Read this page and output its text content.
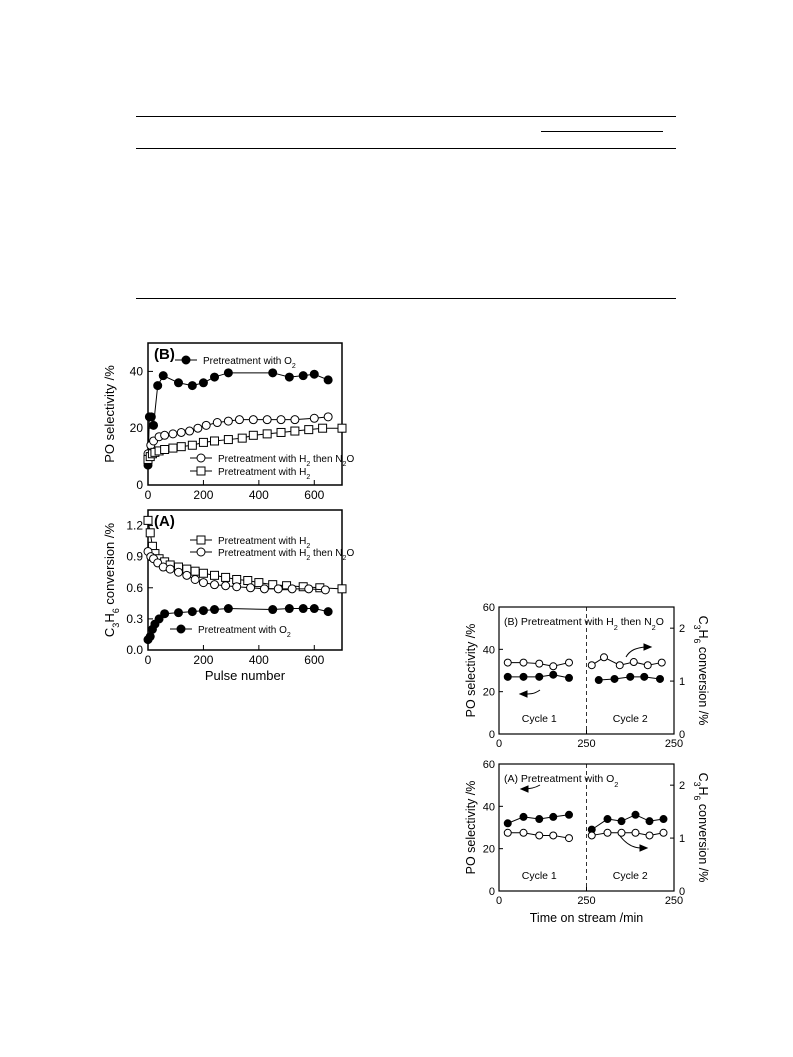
0	200	400	600
0
20
40
(B)
PO selectivity /%
Pretreatment with $O_2$
Pretreatment with $H_2$ then $N_2O$
Pretreatment with $H_2$
0	200	400	600
0.0
0.3
0.6
0.9
1.2 (A)
$C_3H_6$ conversion /%
Pulse number
Pretreatment with $H_2$
Pretreatment with $H_2$ then $N_2O$
Pretreatment with $O_2$
0	250	250
0
20
40
60
0
1
2
(B) Pretreatment with $H_2$ then $N_2O$
Cycle 1	Cycle 2
PO selectivity /%
$C_3H_6$ conversion /%
0	250	250
0
20
40
60
0
1
2
(A) Pretreatment with $O_2$
Cycle 1	Cycle 2
PO selectivity /%
$C_3H_6$ conversion /%
Time on stream /min
